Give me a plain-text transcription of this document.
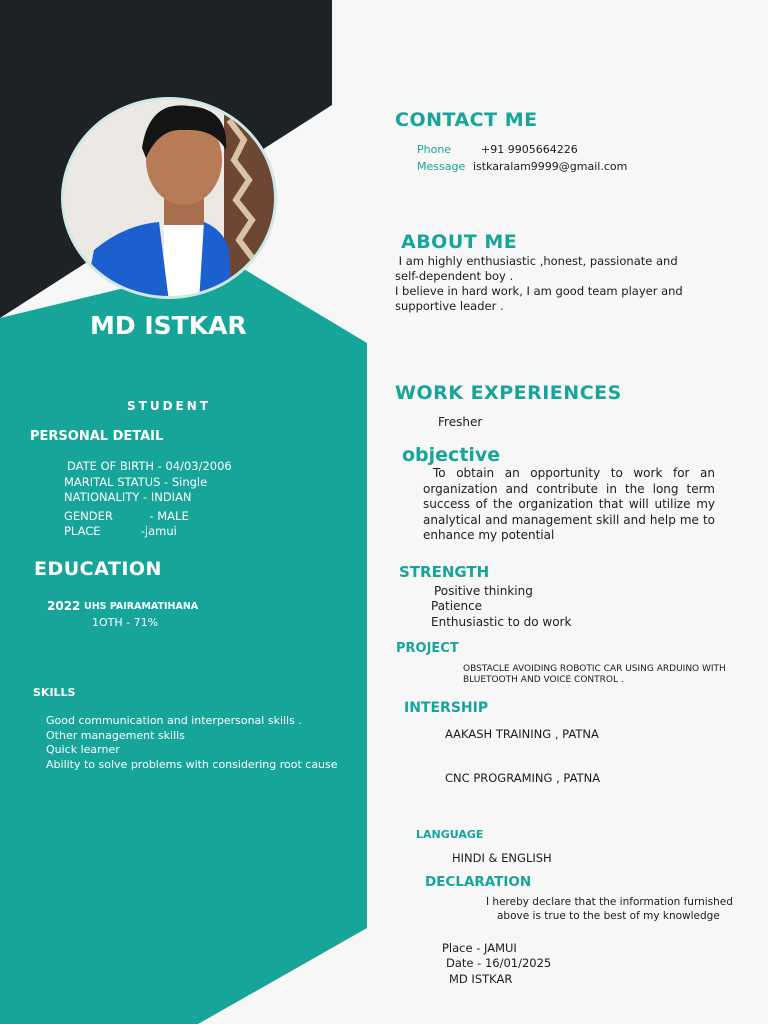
MD ISTKAR
STUDENT
PERSONAL DETAIL
DATE OF BIRTH - 04/03/2006
MARITAL STATUS - Single
NATIONALITY - INDIAN
GENDER          - MALE
PLACE           -jamui
EDUCATION
2022 UHS PAIRAMATIHANA
1OTH - 71%
SKILLS
Good communication and interpersonal skills .
Other management skills
Quick learner
Ability to solve problems with considering root cause
CONTACT ME
Phone	+91 9905664226
Message istkaralam9999@gmail.com
ABOUT ME
I am highly enthusiastic ,honest, passionate and
self-dependent boy .
I believe in hard work, I am good team player and
supportive leader .
WORK EXPERIENCES
Fresher
objective
To obtain an opportunity to work for an organization and contribute in the long term success of the organization that will utilize my analytical and management skill and help me to enhance my potential
STRENGTH
Positive thinking
Patience
Enthusiastic to do work
PROJECT
OBSTACLE AVOIDING ROBOTIC CAR USING ARDUINO WITH
BLUETOOTH AND VOICE CONTROL .
INTERSHIP
AAKASH TRAINING , PATNA
CNC PROGRAMING , PATNA
LANGUAGE
HINDI & ENGLISH
DECLARATION
I hereby declare that the information furnished
above is true to the best of my knowledge
Place - JAMUI
Date - 16/01/2025
MD ISTKAR
